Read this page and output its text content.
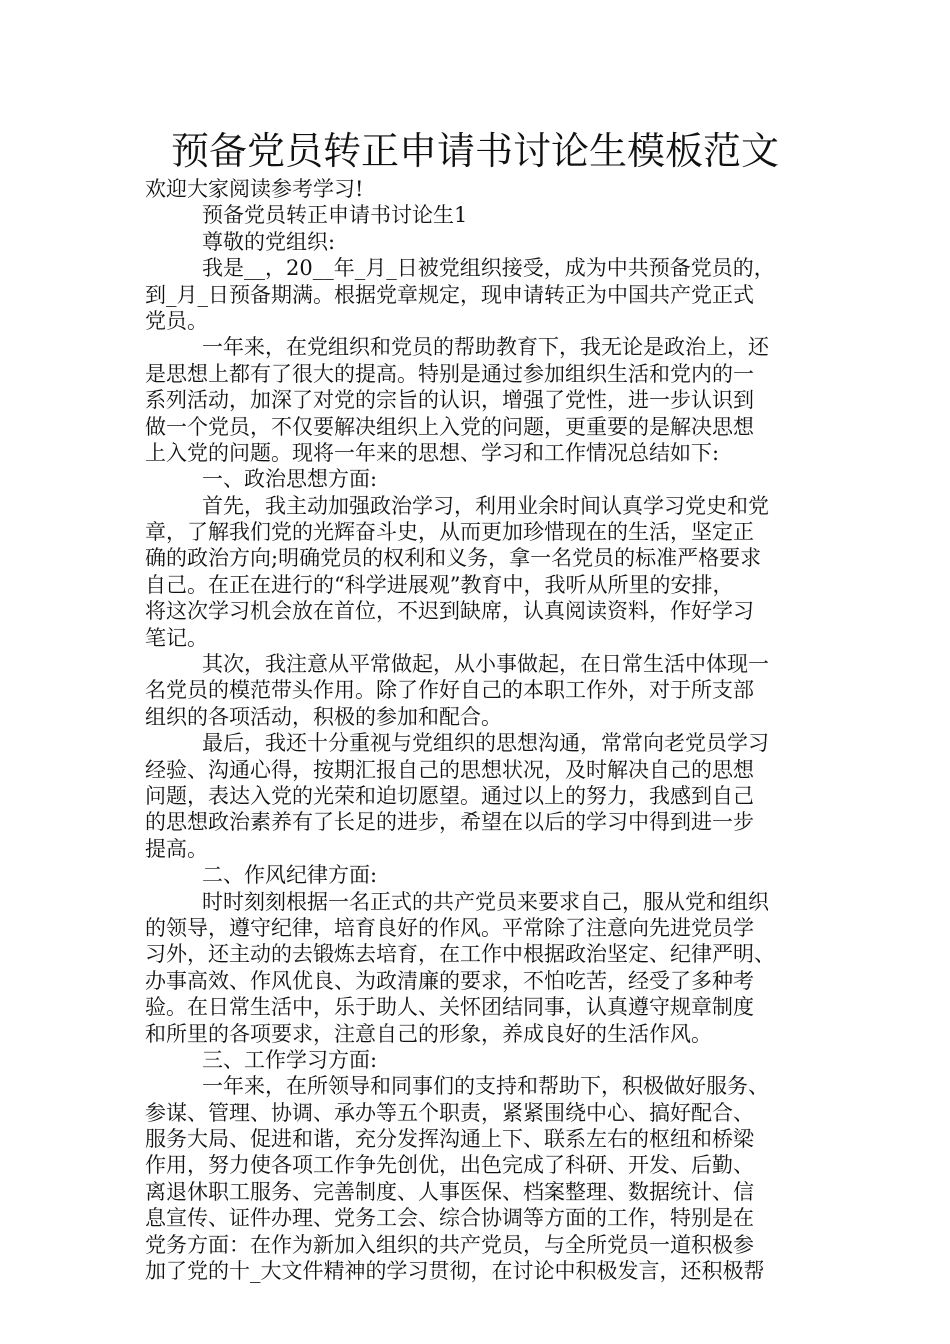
预备党员转正申请书讨论生模板范文
欢迎大家阅读参考学习!
预备党员转正申请书讨论生1
尊敬的党组织:
我是__，20__年_月_日被党组织接受，成为中共预备党员的，
到_月_日预备期满。根据党章规定，现申请转正为中国共产党正式
党员。
一年来，在党组织和党员的帮助教育下，我无论是政治上，还
是思想上都有了很大的提高。特别是通过参加组织生活和党内的一
系列活动，加深了对党的宗旨的认识，增强了党性，进一步认识到
做一个党员，不仅要解决组织上入党的问题，更重要的是解决思想
上入党的问题。现将一年来的思想、学习和工作情况总结如下:
一、政治思想方面:
首先，我主动加强政治学习，利用业余时间认真学习党史和党
章，了解我们党的光辉奋斗史，从而更加珍惜现在的生活，坚定正
确的政治方向;明确党员的权利和义务，拿一名党员的标准严格要求
自己。在正在进行的“科学进展观”教育中，我听从所里的安排，
将这次学习机会放在首位，不迟到缺席，认真阅读资料，作好学习
笔记。
其次，我注意从平常做起，从小事做起，在日常生活中体现一
名党员的模范带头作用。除了作好自己的本职工作外，对于所支部
组织的各项活动，积极的参加和配合。
最后，我还十分重视与党组织的思想沟通，常常向老党员学习
经验、沟通心得，按期汇报自己的思想状况，及时解决自己的思想
问题，表达入党的光荣和迫切愿望。通过以上的努力，我感到自己
的思想政治素养有了长足的进步，希望在以后的学习中得到进一步
提高。
二、作风纪律方面:
时时刻刻根据一名正式的共产党员来要求自己，服从党和组织
的领导，遵守纪律，培育良好的作风。平常除了注意向先进党员学
习外，还主动的去锻炼去培育，在工作中根据政治坚定、纪律严明、
办事高效、作风优良、为政清廉的要求，不怕吃苦，经受了多种考
验。在日常生活中，乐于助人、关怀团结同事，认真遵守规章制度
和所里的各项要求，注意自己的形象，养成良好的生活作风。
三、工作学习方面:
一年来，在所领导和同事们的支持和帮助下，积极做好服务、
参谋、管理、协调、承办等五个职责，紧紧围绕中心、搞好配合、
服务大局、促进和谐，充分发挥沟通上下、联系左右的枢纽和桥梁
作用，努力使各项工作争先创优，出色完成了科研、开发、后勤、
离退休职工服务、完善制度、人事医保、档案整理、数据统计、信
息宣传、证件办理、党务工会、综合协调等方面的工作，特别是在
党务方面：在作为新加入组织的共产党员，与全所党员一道积极参
加了党的十_大文件精神的学习贯彻，在讨论中积极发言，还积极帮
